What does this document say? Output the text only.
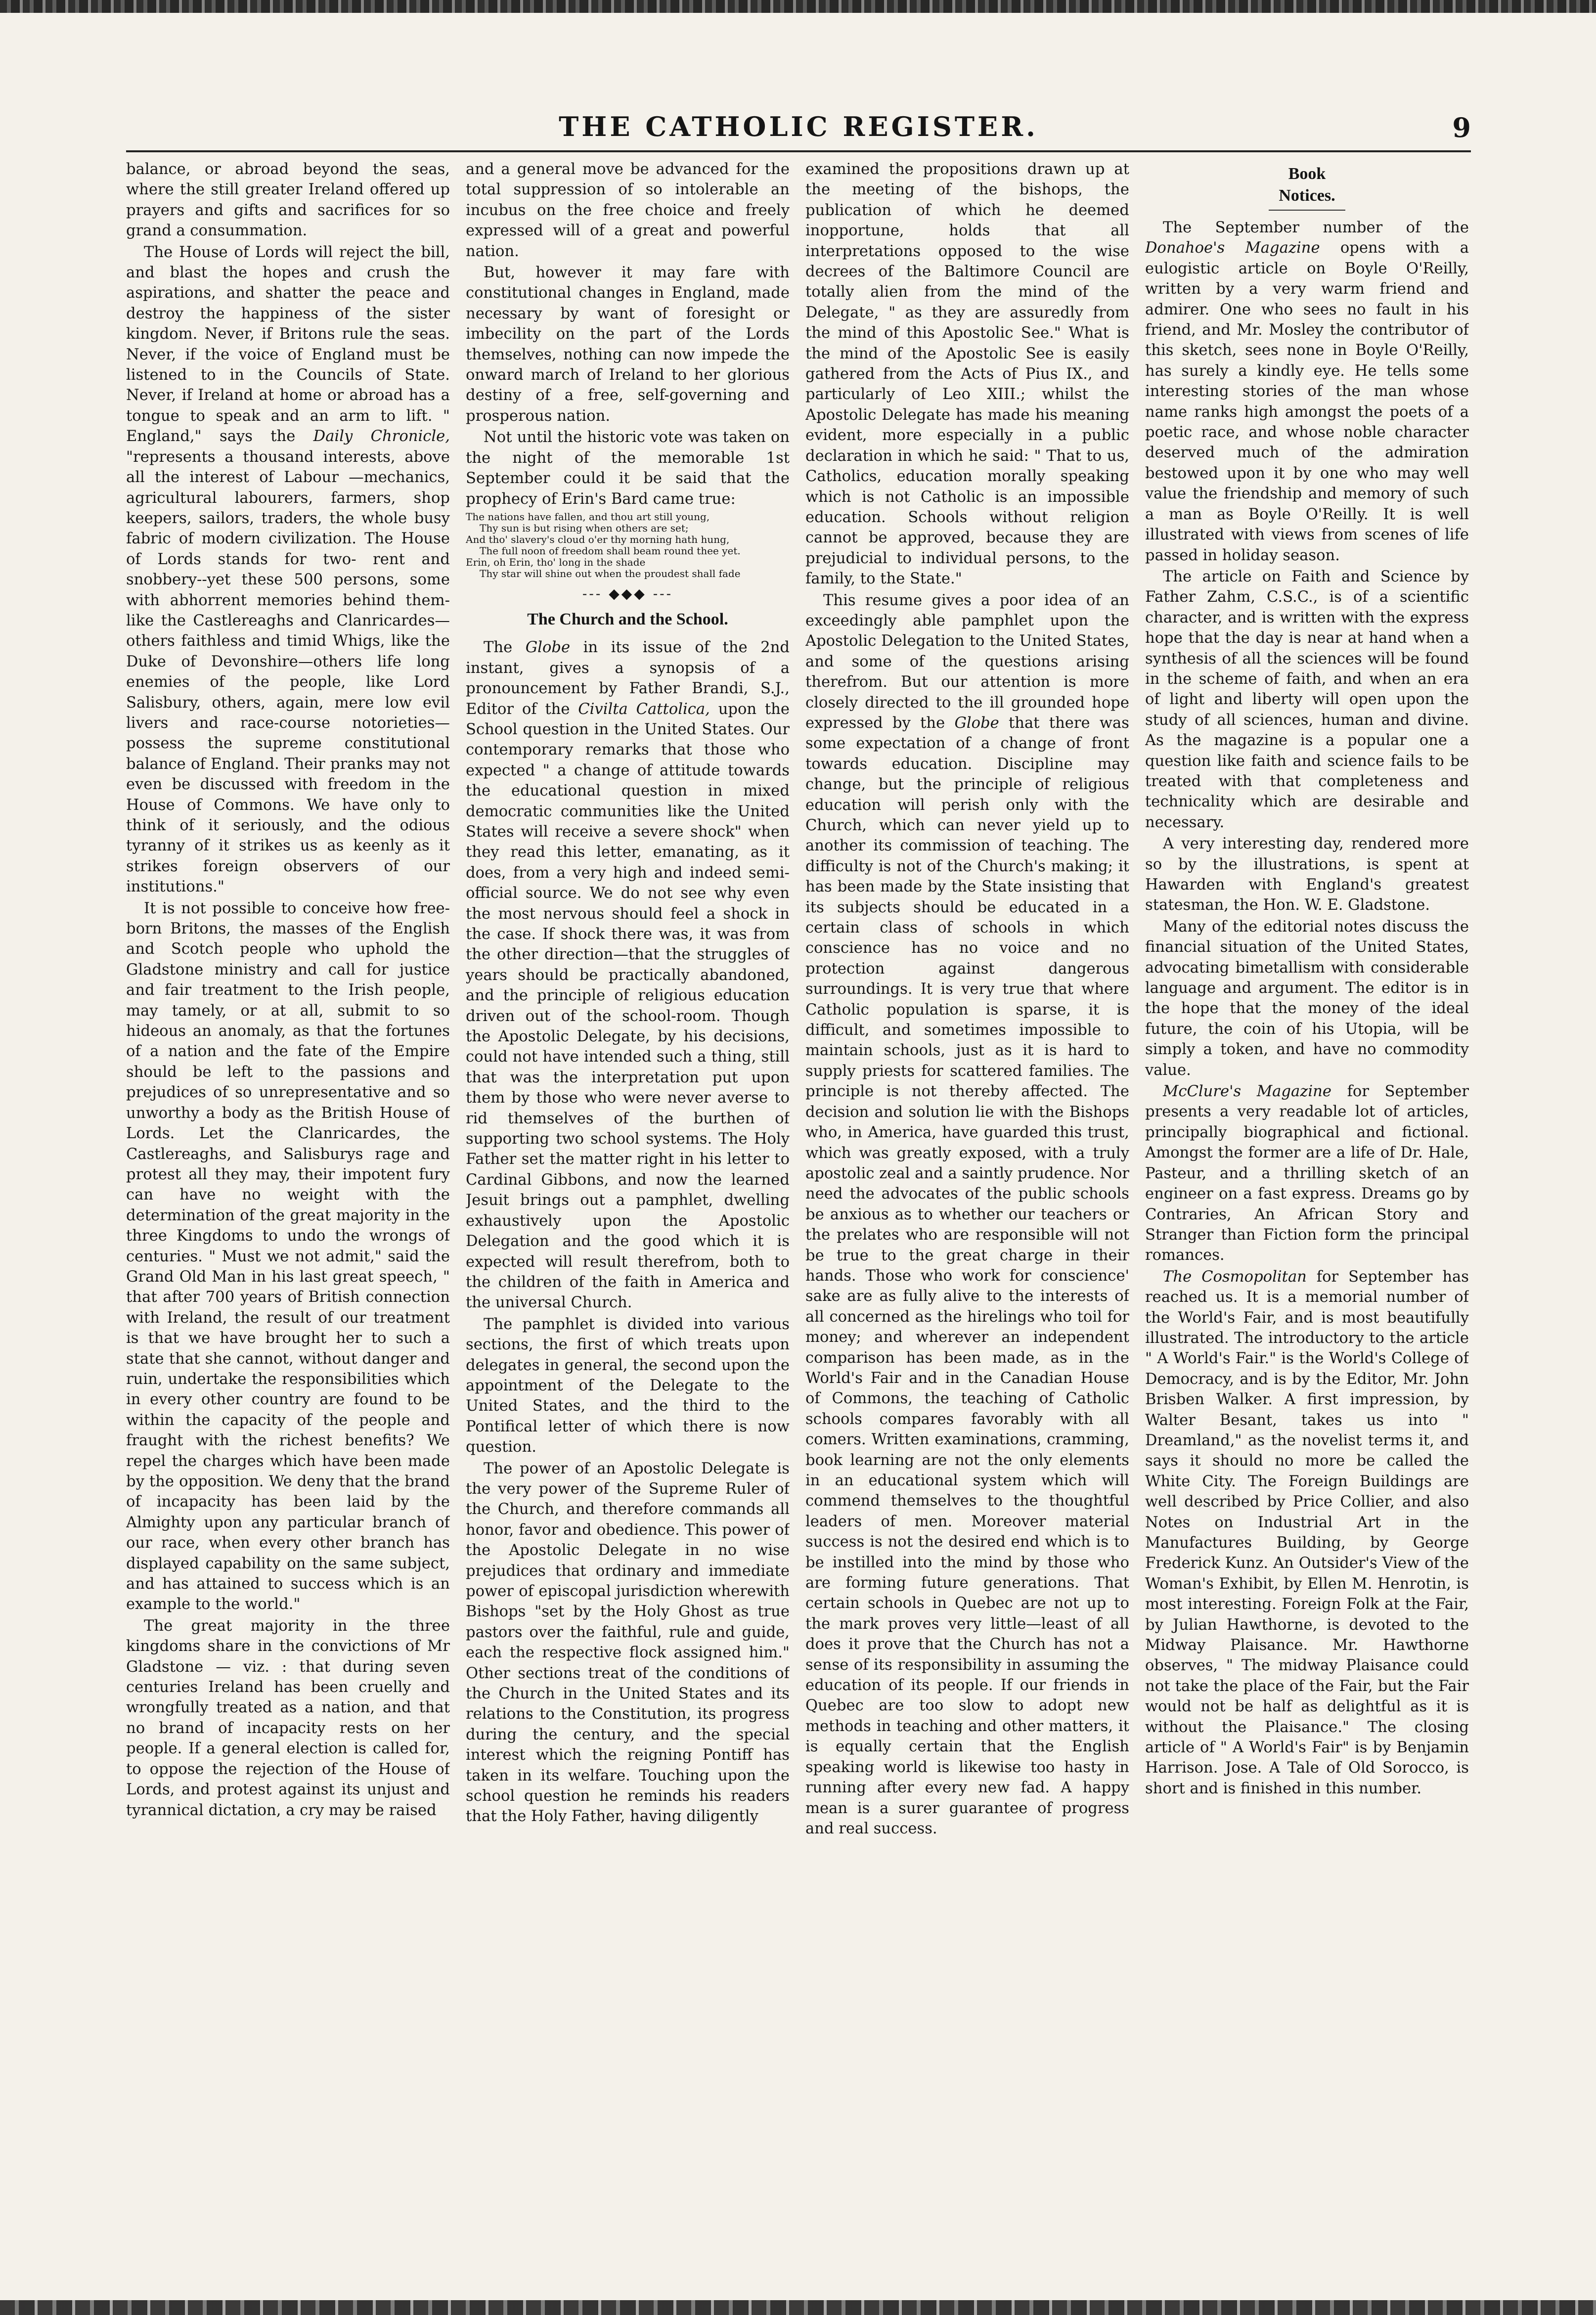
THE CATHOLIC REGISTER.	9

balance, or abroad beyond the seas, where the still greater Ireland offered up prayers and gifts and sacrifices for so grand a consummation.

The House of Lords will reject the bill, and blast the hopes and crush the aspirations, and shatter the peace and destroy the happiness of the sister kingdom. Never, if Britons rule the seas. Never, if the voice of England must be listened to in the Councils of State. Never, if Ireland at home or abroad has a tongue to speak and an arm to lift. " England," says the Daily Chronicle, "represents a thousand interests, above all the interest of Labour —mechanics, agricultural labourers, farmers, shop keepers, sailors, traders, the whole busy fabric of modern civilization. The House of Lords stands for two- rent and snobbery--yet these 500 persons, some with abhorrent memories behind them- like the Castlereaghs and Clanricardes—others faithless and timid Whigs, like the Duke of Devonshire—others life long enemies of the people, like Lord Salisbury, others, again, mere low evil livers and race-course notorieties—possess the supreme constitutional balance of England. Their pranks may not even be discussed with freedom in the House of Commons. We have only to think of it seriously, and the odious tyranny of it strikes us as keenly as it strikes foreign observers of our institutions."

It is not possible to conceive how free-born Britons, the masses of the English and Scotch people who uphold the Gladstone ministry and call for justice and fair treatment to the Irish people, may tamely, or at all, submit to so hideous an anomaly, as that the fortunes of a nation and the fate of the Empire should be left to the passions and prejudices of so unrepresentative and so unworthy a body as the British House of Lords. Let the Clanricardes, the Castlereaghs, and Salisburys rage and protest all they may, their impotent fury can have no weight with the determination of the great majority in the three Kingdoms to undo the wrongs of centuries. " Must we not admit," said the Grand Old Man in his last great speech, " that after 700 years of British connection with Ireland, the result of our treatment is that we have brought her to such a state that she cannot, without danger and ruin, undertake the responsibilities which in every other country are found to be within the capacity of the people and fraught with the richest benefits? We repel the charges which have been made by the opposition. We deny that the brand of incapacity has been laid by the Almighty upon any particular branch of our race, when every other branch has displayed capability on the same subject, and has attained to success which is an example to the world."

The great majority in the three kingdoms share in the convictions of Mr Gladstone — viz. : that during seven centuries Ireland has been cruelly and wrongfully treated as a nation, and that no brand of incapacity rests on her people. If a general election is called for, to oppose the rejection of the House of Lords, and protest against its unjust and tyrannical dictation, a cry may be raised

and a general move be advanced for the total suppression of so intolerable an incubus on the free choice and freely expressed will of a great and powerful nation.

But, however it may fare with constitutional changes in England, made necessary by want of foresight or imbecility on the part of the Lords themselves, nothing can now impede the onward march of Ireland to her glorious destiny of a free, self-governing and prosperous nation.

Not until the historic vote was taken on the night of the memorable 1st September could it be said that the prophecy of Erin's Bard came true:

The nations have fallen, and thou art still young,
Thy sun is but rising when others are set;
And tho' slavery's cloud o'er thy morning hath hung,
The full noon of freedom shall beam round thee yet.
Erin, oh Erin, tho' long in the shade
Thy star will shine out when the proudest shall fade
--- ◆◆◆ ---
The Church and the School.

The Globe in its issue of the 2nd instant, gives a synopsis of a pronouncement by Father Brandi, S.J., Editor of the Civilta Cattolica, upon the School question in the United States. Our contemporary remarks that those who expected " a change of attitude towards the educational question in mixed democratic communities like the United States will receive a severe shock" when they read this letter, emanating, as it does, from a very high and indeed semi-official source. We do not see why even the most nervous should feel a shock in the case. If shock there was, it was from the other direction—that the struggles of years should be practically abandoned, and the principle of religious education driven out of the school-room. Though the Apostolic Delegate, by his decisions, could not have intended such a thing, still that was the interpretation put upon them by those who were never averse to rid themselves of the burthen of supporting two school systems. The Holy Father set the matter right in his letter to Cardinal Gibbons, and now the learned Jesuit brings out a pamphlet, dwelling exhaustively upon the Apostolic Delegation and the good which it is expected will result therefrom, both to the children of the faith in America and the universal Church.

The pamphlet is divided into various sections, the first of which treats upon delegates in general, the second upon the appointment of the Delegate to the United States, and the third to the Pontifical letter of which there is now question.

The power of an Apostolic Delegate is the very power of the Supreme Ruler of the Church, and therefore commands all honor, favor and obedience. This power of the Apostolic Delegate in no wise prejudices that ordinary and immediate power of episcopal jurisdiction wherewith Bishops "set by the Holy Ghost as true pastors over the faithful, rule and guide, each the respective flock assigned him." Other sections treat of the conditions of the Church in the United States and its relations to the Constitution, its progress during the century, and the special interest which the reigning Pontiff has taken in its welfare. Touching upon the school question he reminds his readers that the Holy Father, having diligently

examined the propositions drawn up at the meeting of the bishops, the publication of which he deemed inopportune, holds that all interpretations opposed to the wise decrees of the Baltimore Council are totally alien from the mind of the Delegate, " as they are assuredly from the mind of this Apostolic See." What is the mind of the Apostolic See is easily gathered from the Acts of Pius IX., and particularly of Leo XIII.; whilst the Apostolic Delegate has made his meaning evident, more especially in a public declaration in which he said: " That to us, Catholics, education morally speaking which is not Catholic is an impossible education. Schools without religion cannot be approved, because they are prejudicial to individual persons, to the family, to the State."

This resume gives a poor idea of an exceedingly able pamphlet upon the Apostolic Delegation to the United States, and some of the questions arising therefrom. But our attention is more closely directed to the ill grounded hope expressed by the Globe that there was some expectation of a change of front towards education. Discipline may change, but the principle of religious education will perish only with the Church, which can never yield up to another its commission of teaching. The difficulty is not of the Church's making; it has been made by the State insisting that its subjects should be educated in a certain class of schools in which conscience has no voice and no protection against dangerous surroundings. It is very true that where Catholic population is sparse, it is difficult, and sometimes impossible to maintain schools, just as it is hard to supply priests for scattered families. The principle is not thereby affected. The decision and solution lie with the Bishops who, in America, have guarded this trust, which was greatly exposed, with a truly apostolic zeal and a saintly prudence. Nor need the advocates of the public schools be anxious as to whether our teachers or the prelates who are responsible will not be true to the great charge in their hands. Those who work for conscience' sake are as fully alive to the interests of all concerned as the hirelings who toil for money; and wherever an independent comparison has been made, as in the World's Fair and in the Canadian House of Commons, the teaching of Catholic schools compares favorably with all comers. Written examinations, cramming, book learning are not the only elements in an educational system which will commend themselves to the thoughtful leaders of men. Moreover material success is not the desired end which is to be instilled into the mind by those who are forming future generations. That certain schools in Quebec are not up to the mark proves very little—least of all does it prove that the Church has not a sense of its responsibility in assuming the education of its people. If our friends in Quebec are too slow to adopt new methods in teaching and other matters, it is equally certain that the English speaking world is likewise too hasty in running after every new fad. A happy mean is a surer guarantee of progress and real success.

Book Notices.

The September number of the Donahoe's Magazine opens with a eulogistic article on Boyle O'Reilly, written by a very warm friend and admirer. One who sees no fault in his friend, and Mr. Mosley the contributor of this sketch, sees none in Boyle O'Reilly, has surely a kindly eye. He tells some interesting stories of the man whose name ranks high amongst the poets of a poetic race, and whose noble character deserved much of the admiration bestowed upon it by one who may well value the friendship and memory of such a man as Boyle O'Reilly. It is well illustrated with views from scenes of life passed in holiday season.

The article on Faith and Science by Father Zahm, C.S.C., is of a scientific character, and is written with the express hope that the day is near at hand when a synthesis of all the sciences will be found in the scheme of faith, and when an era of light and liberty will open upon the study of all sciences, human and divine. As the magazine is a popular one a question like faith and science fails to be treated with that completeness and technicality which are desirable and necessary.

A very interesting day, rendered more so by the illustrations, is spent at Hawarden with England's greatest statesman, the Hon. W. E. Gladstone.

Many of the editorial notes discuss the financial situation of the United States, advocating bimetallism with considerable language and argument. The editor is in the hope that the money of the ideal future, the coin of his Utopia, will be simply a token, and have no commodity value.

McClure's Magazine for September presents a very readable lot of articles, principally biographical and fictional. Amongst the former are a life of Dr. Hale, Pasteur, and a thrilling sketch of an engineer on a fast express. Dreams go by Contraries, An African Story and Stranger than Fiction form the principal romances.

The Cosmopolitan for September has reached us. It is a memorial number of the World's Fair, and is most beautifully illustrated. The introductory to the article " A World's Fair." is the World's College of Democracy, and is by the Editor, Mr. John Brisben Walker. A first impression, by Walter Besant, takes us into " Dreamland," as the novelist terms it, and says it should no more be called the White City. The Foreign Buildings are well described by Price Collier, and also Notes on Industrial Art in the Manufactures Building, by George Frederick Kunz. An Outsider's View of the Woman's Exhibit, by Ellen M. Henrotin, is most interesting. Foreign Folk at the Fair, by Julian Hawthorne, is devoted to the Midway Plaisance. Mr. Hawthorne observes, " The midway Plaisance could not take the place of the Fair, but the Fair would not be half as delightful as it is without the Plaisance." The closing article of " A World's Fair" is by Benjamin Harrison. Jose. A Tale of Old Sorocco, is short and is finished in this number.
